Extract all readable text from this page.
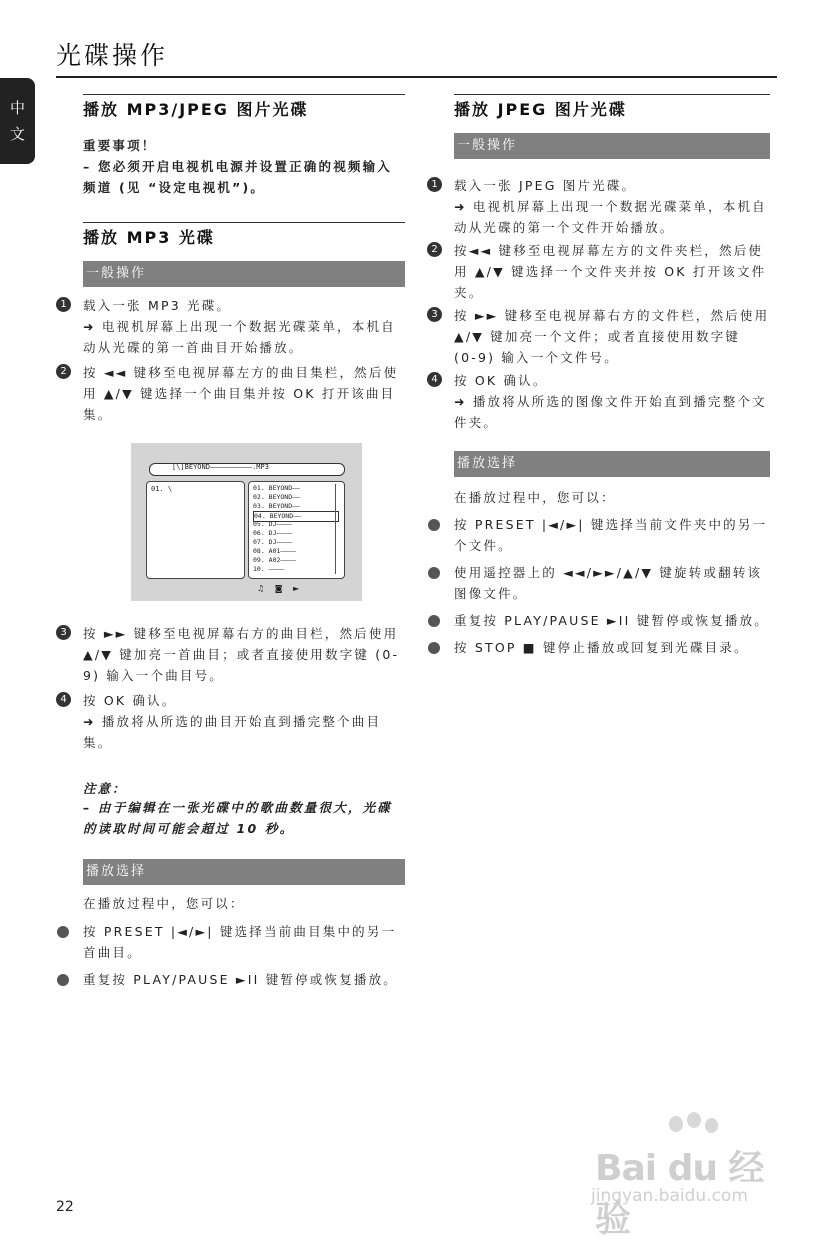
光碟操作
中
文
播放 MP3/JPEG 图片光碟
重要事项！
– 您必须开启电视机电源并设置正确的视频输入频道 (见 “设定电视机”)。
播放 MP3 光碟
一般操作
1	载入一张 MP3 光碟。
➜ 电视机屏幕上出现一个数据光碟菜单，本机自动从光碟的第一首曲目开始播放。
2	按 ◄◄ 键移至电视屏幕左方的曲目集栏，然后使用 ▲/▼ 键选择一个曲目集并按 OK 打开该曲目集。
[\]BEYOND——————————.MP3
01. \	01. BEYOND——
02. BEYOND——
03. BEYOND——
04. BEYOND——
05. DJ————
06. DJ————
07. DJ————
08. A01————
09. A02————
10. ————
♫ ◙ ►
3	按 ►► 键移至电视屏幕右方的曲目栏，然后使用 ▲/▼ 键加亮一首曲目；或者直接使用数字键 (0-9) 输入一个曲目号。
4	按 OK 确认。
➜ 播放将从所选的曲目开始直到播完整个曲目集。
注意：
– 由于编辑在一张光碟中的歌曲数量很大，光碟的读取时间可能会超过 10 秒。
播放选择
在播放过程中，您可以：
按 PRESET |◄/►| 键选择当前曲目集中的另一首曲目。
重复按 PLAY/PAUSE ►II 键暂停或恢复播放。
播放 JPEG 图片光碟
一般操作
1	载入一张 JPEG 图片光碟。
➜ 电视机屏幕上出现一个数据光碟菜单，本机自动从光碟的第一个文件开始播放。
2	按◄◄ 键移至电视屏幕左方的文件夹栏，然后使用 ▲/▼ 键选择一个文件夹并按 OK 打开该文件夹。
3	按 ►► 键移至电视屏幕右方的文件栏，然后使用 ▲/▼ 键加亮一个文件；或者直接使用数字键 (0-9) 输入一个文件号。
4	按 OK 确认。
➜ 播放将从所选的图像文件开始直到播完整个文件夹。
播放选择
在播放过程中，您可以：
按 PRESET |◄/►| 键选择当前文件夹中的另一个文件。
使用遥控器上的 ◄◄/►►/▲/▼ 键旋转或翻转该 图像文件。
重复按 PLAY/PAUSE ►II 键暂停或恢复播放。
按 STOP ■ 键停止播放或回复到光碟目录。
22
Bai du 经验
jingyan.baidu.com
